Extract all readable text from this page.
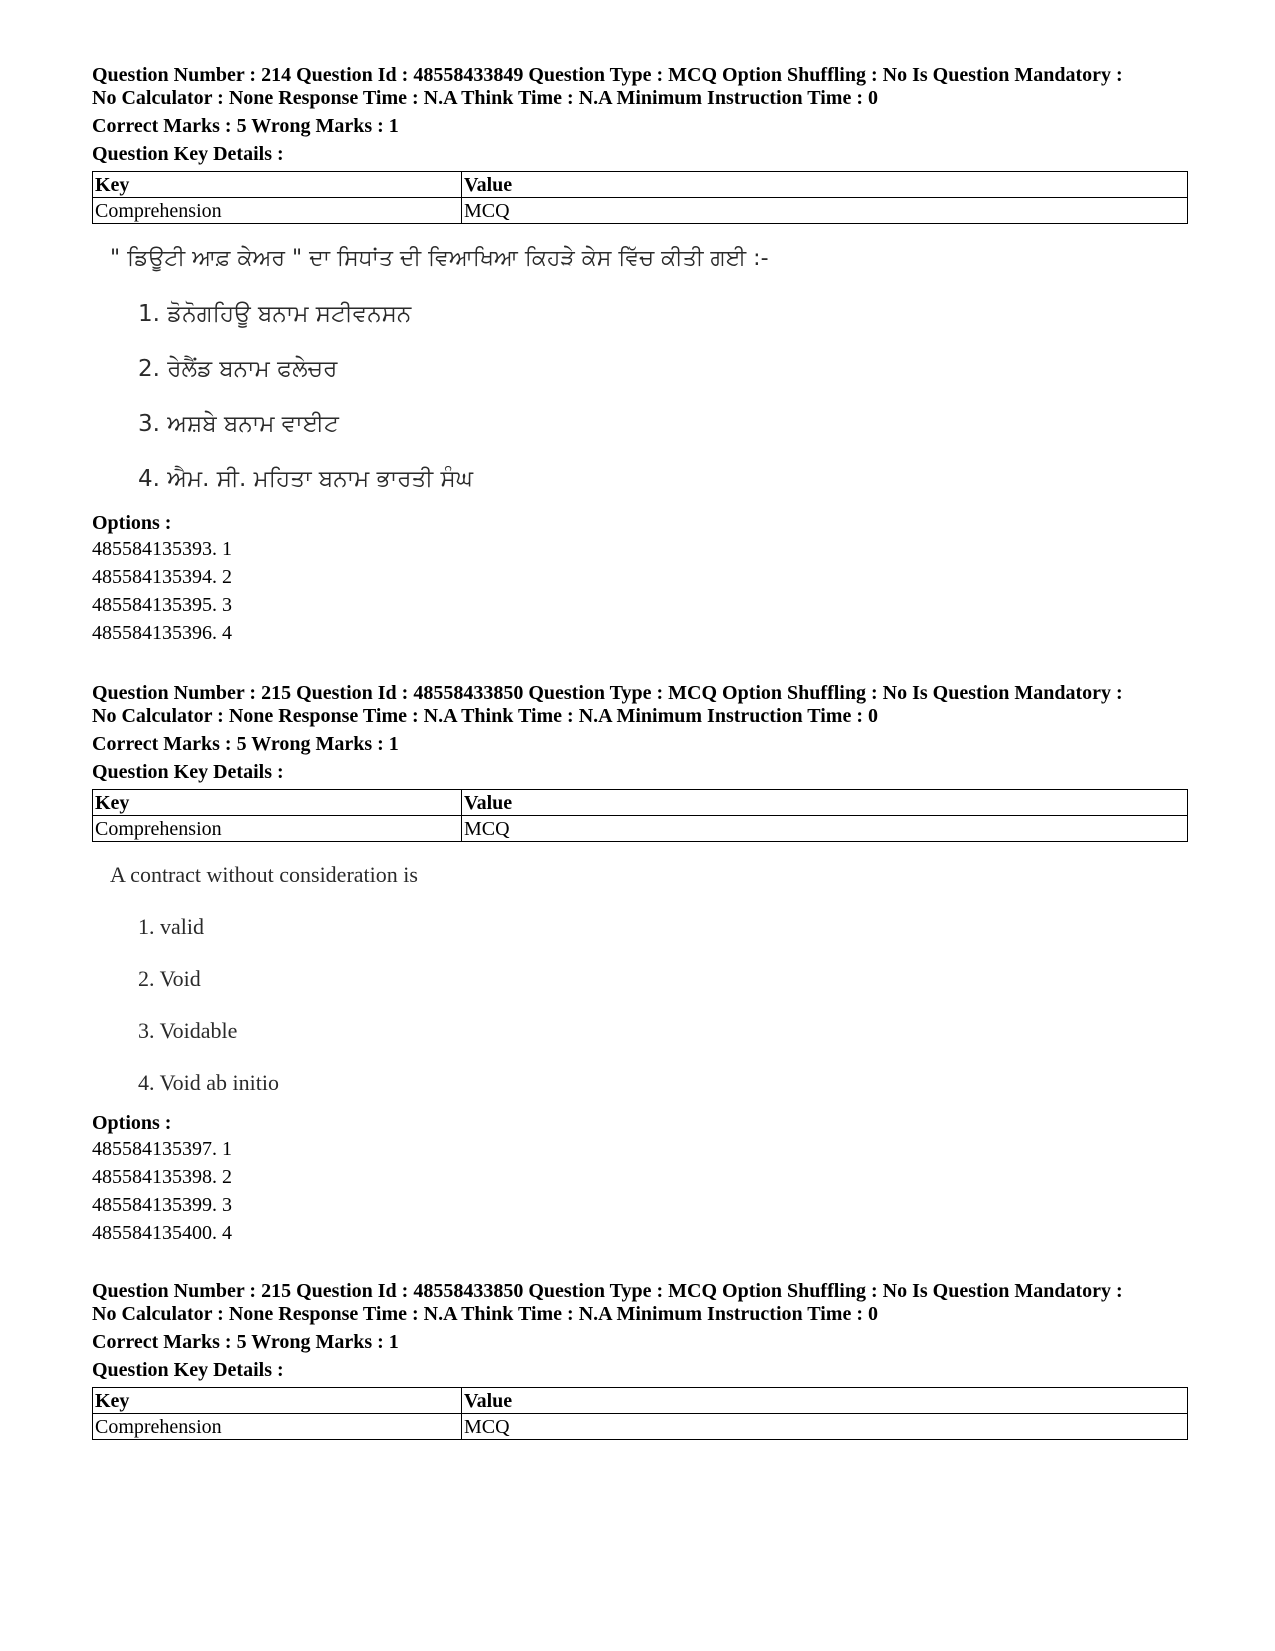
Question Number : 214 Question Id : 48558433849 Question Type : MCQ Option Shuffling : No Is Question Mandatory :

No Calculator : None Response Time : N.A Think Time : N.A Minimum Instruction Time : 0

Correct Marks : 5 Wrong Marks : 1
Question Key Details :
Key	Value
Comprehension	MCQ
" ਡਿਊਟੀ ਆਫ਼ ਕੇਅਰ " ਦਾ ਸਿਧਾਂਤ ਦੀ ਵਿਆਖਿਆ ਕਿਹੜੇ ਕੇਸ ਵਿੱਚ ਕੀਤੀ ਗਈ :-
1. ਡੋਨੋਗਹਿਊ ਬਨਾਮ ਸਟੀਵਨਸਨ
2. ਰੇਲੈਂਡ ਬਨਾਮ ਫਲੇਚਰ
3. ਅਸ਼ਬੇ ਬਨਾਮ ਵਾਈਟ
4. ਐਮ. ਸੀ. ਮਹਿਤਾ ਬਨਾਮ ਭਾਰਤੀ ਸੰਘ
Options :
485584135393. 1
485584135394. 2
485584135395. 3
485584135396. 4

Question Number : 215 Question Id : 48558433850 Question Type : MCQ Option Shuffling : No Is Question Mandatory :

No Calculator : None Response Time : N.A Think Time : N.A Minimum Instruction Time : 0

Correct Marks : 5 Wrong Marks : 1
Question Key Details :
Key	Value
Comprehension	MCQ
A contract without consideration is
1. valid
2. Void
3. Voidable
4. Void ab initio
Options :
485584135397. 1
485584135398. 2
485584135399. 3
485584135400. 4

Question Number : 215 Question Id : 48558433850 Question Type : MCQ Option Shuffling : No Is Question Mandatory :

No Calculator : None Response Time : N.A Think Time : N.A Minimum Instruction Time : 0

Correct Marks : 5 Wrong Marks : 1
Question Key Details :
Key	Value
Comprehension	MCQ
